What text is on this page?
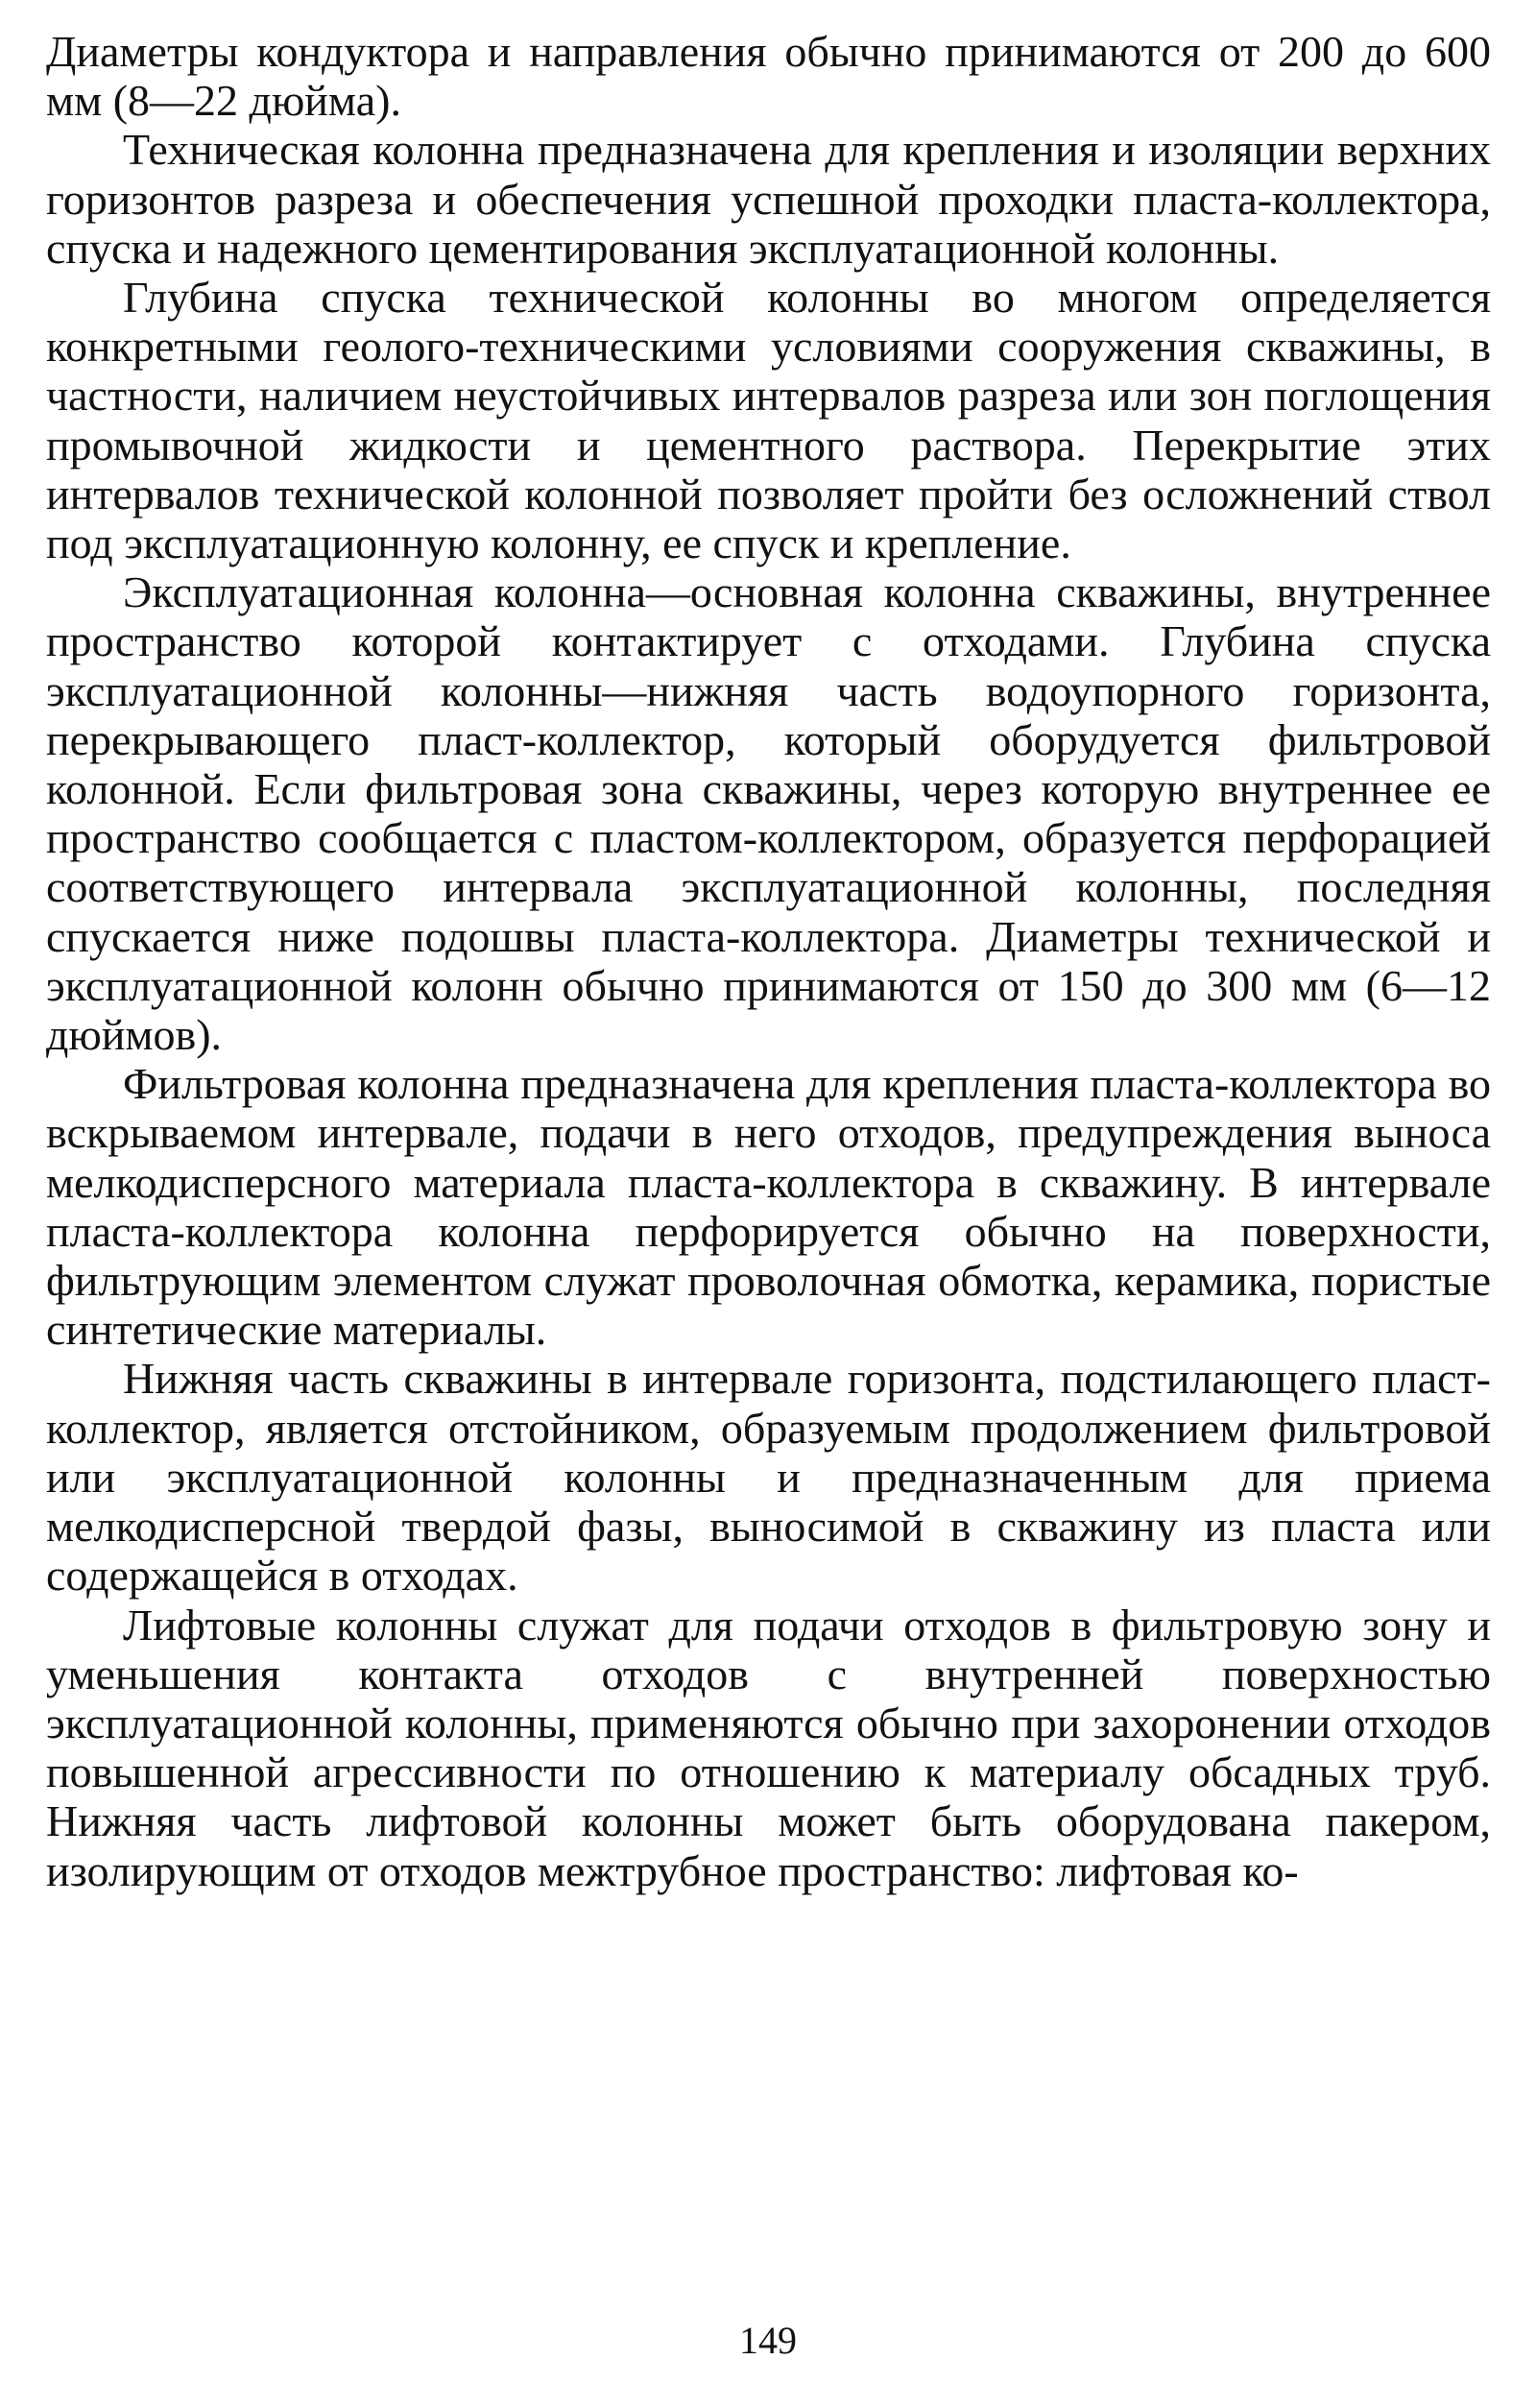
Диаметры кондуктора и направления обычно принимаются от 200 до 600 мм (8—22 дюйма).

Техническая колонна предназначена для крепления и изоляции верхних горизонтов разреза и обеспечения успешной проходки пласта-коллектора, спуска и надежного цементирования эксплуатационной колонны.

Глубина спуска технической колонны во многом определяется конкретными геолого-техническими условиями сооружения скважины, в частности, наличием неустойчивых интервалов разреза или зон поглощения промывочной жидкости и цементного раствора. Перекрытие этих интервалов технической колонной позволяет пройти без осложнений ствол под эксплуатационную колонну, ее спуск и крепление.

Эксплуатационная колонна—основная колонна скважины, внутреннее пространство которой контактирует с отходами. Глубина спуска эксплуатационной колонны—нижняя часть водоупорного горизонта, перекрывающего пласт-коллектор, который оборудуется фильтровой колонной. Если фильтровая зона скважины, через которую внутреннее ее пространство сообщается с пластом-коллектором, образуется перфорацией соответствующего интервала эксплуатационной колонны, последняя спускается ниже подошвы пласта-коллектора. Диаметры технической и эксплуатационной колонн обычно принимаются от 150 до 300 мм (6—12 дюймов).

Фильтровая колонна предназначена для крепления пласта-коллектора во вскрываемом интервале, подачи в него отходов, предупреждения выноса мелкодисперсного материала пласта-коллектора в скважину. В интервале пласта-коллектора колонна перфорируется обычно на поверхности, фильтрующим элементом служат проволочная обмотка, керамика, пористые синтетические материалы.

Нижняя часть скважины в интервале горизонта, подстилающего пласт-коллектор, является отстойником, образуемым продолжением фильтровой или эксплуатационной колонны и предназначенным для приема мелкодисперсной твердой фазы, выносимой в скважину из пласта или содержащейся в отходах.

Лифтовые колонны служат для подачи отходов в фильтровую зону и уменьшения контакта отходов с внутренней поверхностью эксплуатационной колонны, применяются обычно при захоронении отходов повышенной агрессивности по отношению к материалу обсадных труб. Нижняя часть лифтовой колонны может быть оборудована пакером, изолирующим от отходов межтрубное пространство: лифтовая ко-

149
